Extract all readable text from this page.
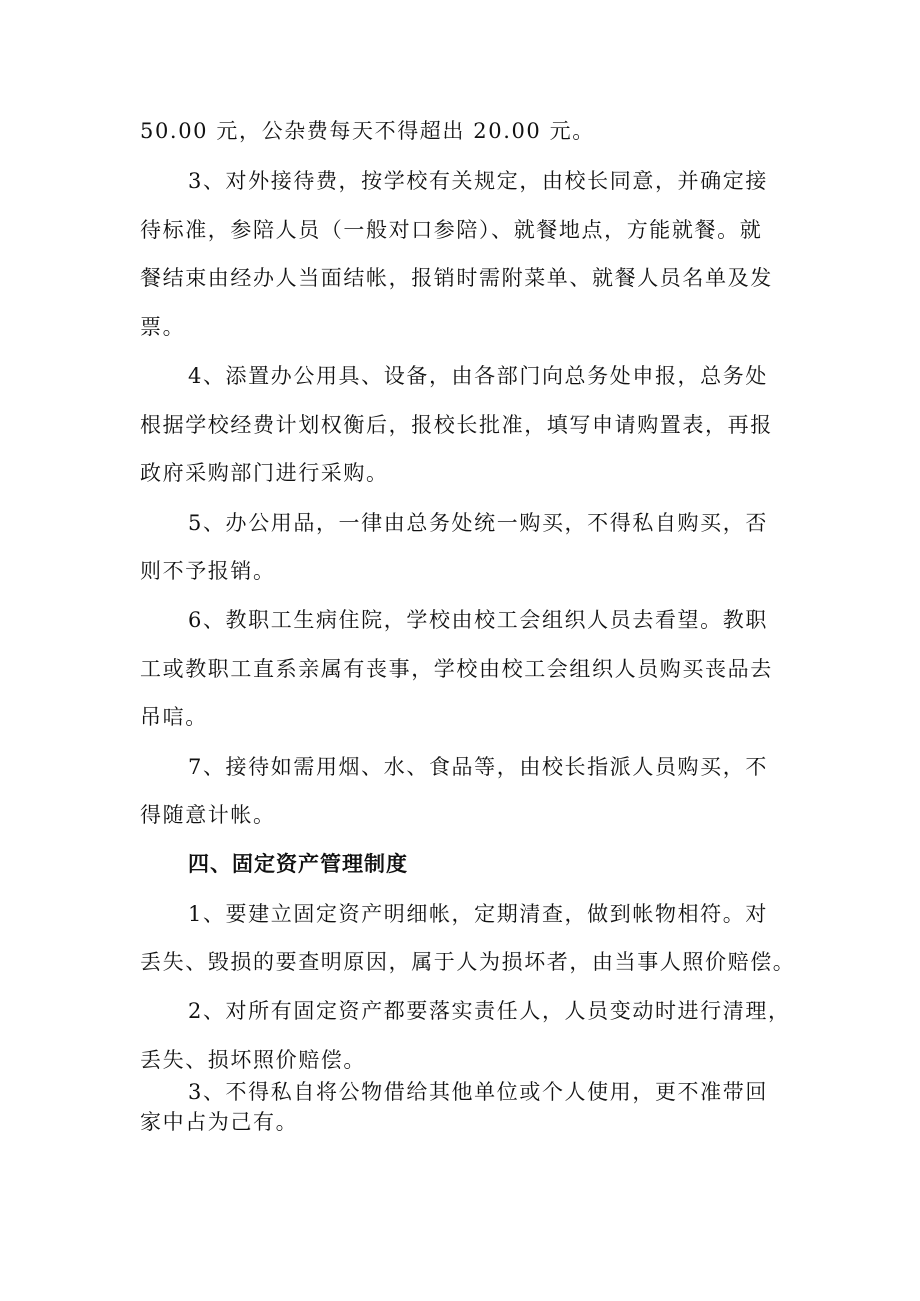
50.00 元，公杂费每天不得超出 20.00 元。
3、对外接待费，按学校有关规定，由校长同意，并确定接
待标准，参陪人员（一般对口参陪）、就餐地点，方能就餐。就
餐结束由经办人当面结帐，报销时需附菜单、就餐人员名单及发
票。
4、添置办公用具、设备，由各部门向总务处申报，总务处
根据学校经费计划权衡后，报校长批准，填写申请购置表，再报
政府采购部门进行采购。
5、办公用品，一律由总务处统一购买，不得私自购买，否
则不予报销。
6、教职工生病住院，学校由校工会组织人员去看望。教职
工或教职工直系亲属有丧事，学校由校工会组织人员购买丧品去
吊唁。
7、接待如需用烟、水、食品等，由校长指派人员购买，不
得随意计帐。
四、固定资产管理制度
1、要建立固定资产明细帐，定期清查，做到帐物相符。对
丢失、毁损的要查明原因，属于人为损坏者，由当事人照价赔偿。
2、对所有固定资产都要落实责任人，人员变动时进行清理，
丢失、损坏照价赔偿。
3、不得私自将公物借给其他单位或个人使用，更不准带回
家中占为己有。
